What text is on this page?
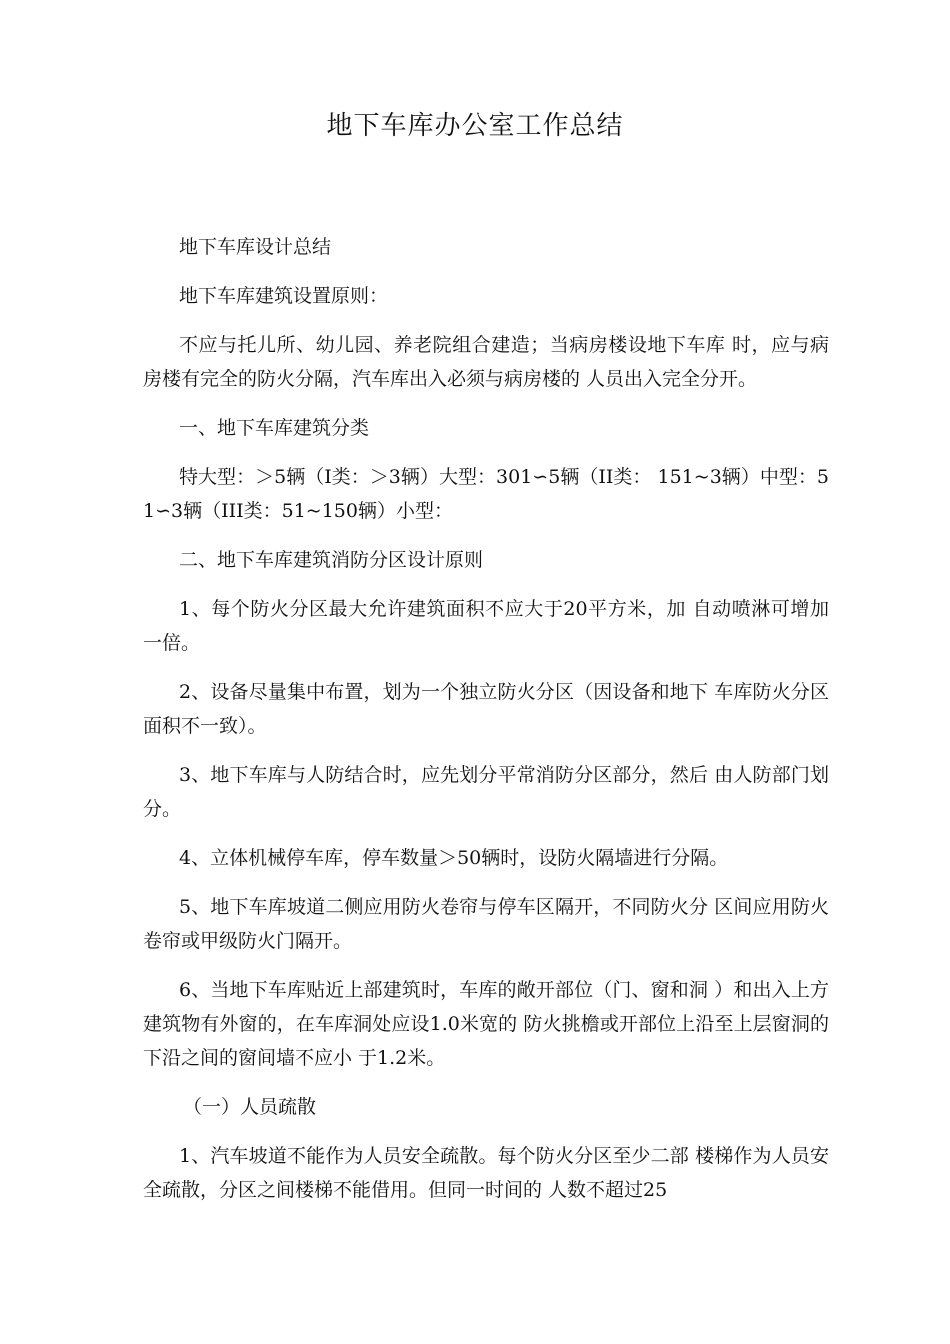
地下车库办公室工作总结

地下车库设计总结

地下车库建筑设置原则：

不应与托儿所、幼儿园、养老院组合建造；当病房楼设地下车库 时，应与病房楼有完全的防火分隔，汽车库出入必须与病房楼的 人员出入完全分开。

一、地下车库建筑分类

特大型：＞5辆（I类：＞3辆）大型：301∽5辆（II类： 151~3辆）中型：51∽3辆（III类：51~150辆）小型：

二、地下车库建筑消防分区设计原则

1、每个防火分区最大允许建筑面积不应大于20平方米，加 自动喷淋可增加一倍。

2、设备尽量集中布置，划为一个独立防火分区（因设备和地下 车库防火分区面积不一致）。

3、地下车库与人防结合时，应先划分平常消防分区部分，然后 由人防部门划分。

4、立体机械停车库，停车数量＞50辆时，设防火隔墙进行分隔。

5、地下车库坡道二侧应用防火卷帘与停车区隔开，不同防火分 区间应用防火卷帘或甲级防火门隔开。

6、当地下车库贴近上部建筑时，车库的敞开部位（门、窗和洞 ）和出入上方建筑物有外窗的，在车库洞处应设1.0米宽的 防火挑檐或开部位上沿至上层窗洞的下沿之间的窗间墙不应小 于1.2米。

（一）人员疏散

1、汽车坡道不能作为人员安全疏散。每个防火分区至少二部 楼梯作为人员安全疏散，分区之间楼梯不能借用。但同一时间的 人数不超过25
